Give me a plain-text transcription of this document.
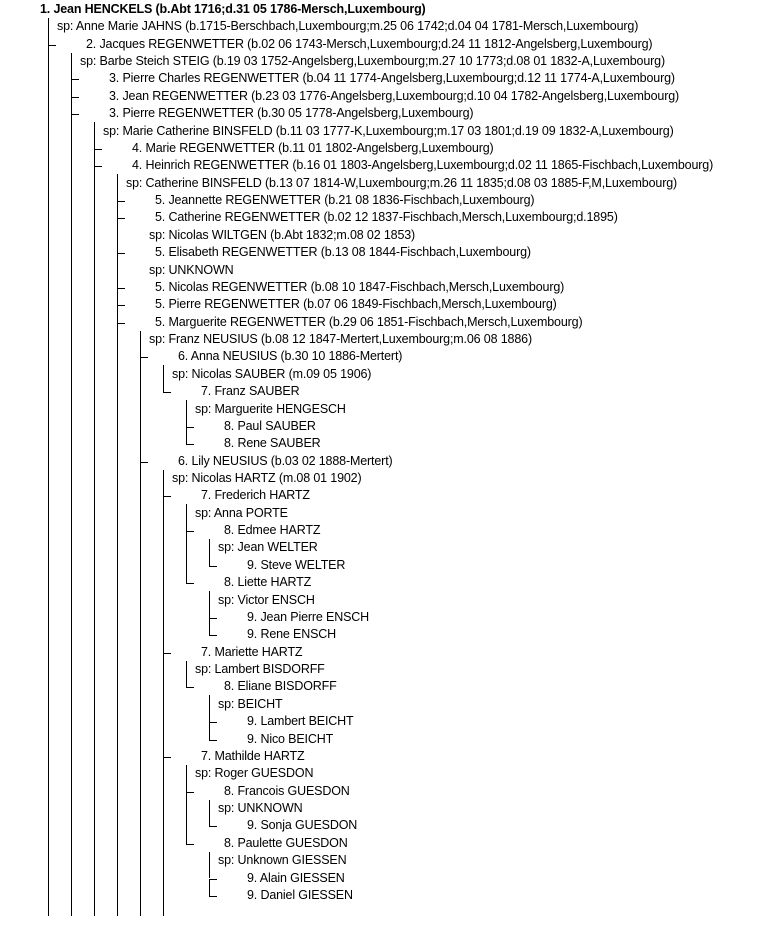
1. Jean HENCKELS (b.Abt 1716;d.31 05 1786-Mersch,Luxembourg)
sp: Anne Marie JAHNS (b.1715-Berschbach,Luxembourg;m.25 06 1742;d.04 04 1781-Mersch,Luxembourg)
2. Jacques REGENWETTER (b.02 06 1743-Mersch,Luxembourg;d.24 11 1812-Angelsberg,Luxembourg)
sp: Barbe Steich STEIG (b.19 03 1752-Angelsberg,Luxembourg;m.27 10 1773;d.08 01 1832-A,Luxembourg)
3. Pierre Charles REGENWETTER (b.04 11 1774-Angelsberg,Luxembourg;d.12 11 1774-A,Luxembourg)
3. Jean REGENWETTER (b.23 03 1776-Angelsberg,Luxembourg;d.10 04 1782-Angelsberg,Luxembourg)
3. Pierre REGENWETTER (b.30 05 1778-Angelsberg,Luxembourg)
sp: Marie Catherine BINSFELD (b.11 03 1777-K,Luxembourg;m.17 03 1801;d.19 09 1832-A,Luxembourg)
4. Marie REGENWETTER (b.11 01 1802-Angelsberg,Luxembourg)
4. Heinrich REGENWETTER (b.16 01 1803-Angelsberg,Luxembourg;d.02 11 1865-Fischbach,Luxembourg)
sp: Catherine BINSFELD (b.13 07 1814-W,Luxembourg;m.26 11 1835;d.08 03 1885-F,M,Luxembourg)
5. Jeannette REGENWETTER (b.21 08 1836-Fischbach,Luxembourg)
5. Catherine REGENWETTER (b.02 12 1837-Fischbach,Mersch,Luxembourg;d.1895)
sp: Nicolas WILTGEN (b.Abt 1832;m.08 02 1853)
5. Elisabeth REGENWETTER (b.13 08 1844-Fischbach,Luxembourg)
sp: UNKNOWN
5. Nicolas REGENWETTER (b.08 10 1847-Fischbach,Mersch,Luxembourg)
5. Pierre REGENWETTER (b.07 06 1849-Fischbach,Mersch,Luxembourg)
5. Marguerite REGENWETTER (b.29 06 1851-Fischbach,Mersch,Luxembourg)
sp: Franz NEUSIUS (b.08 12 1847-Mertert,Luxembourg;m.06 08 1886)
6. Anna NEUSIUS (b.30 10 1886-Mertert)
sp: Nicolas SAUBER (m.09 05 1906)
7. Franz SAUBER
sp: Marguerite HENGESCH
8. Paul SAUBER
8. Rene SAUBER
6. Lily NEUSIUS (b.03 02 1888-Mertert)
sp: Nicolas HARTZ (m.08 01 1902)
7. Frederich HARTZ
sp: Anna PORTE
8. Edmee HARTZ
sp: Jean WELTER
9. Steve WELTER
8. Liette HARTZ
sp: Victor ENSCH
9. Jean Pierre ENSCH
9. Rene ENSCH
7. Mariette HARTZ
sp: Lambert BISDORFF
8. Eliane BISDORFF
sp: BEICHT
9. Lambert BEICHT
9. Nico BEICHT
7. Mathilde HARTZ
sp: Roger GUESDON
8. Francois GUESDON
sp: UNKNOWN
9. Sonja GUESDON
8. Paulette GUESDON
sp: Unknown GIESSEN
9. Alain GIESSEN
9. Daniel GIESSEN
